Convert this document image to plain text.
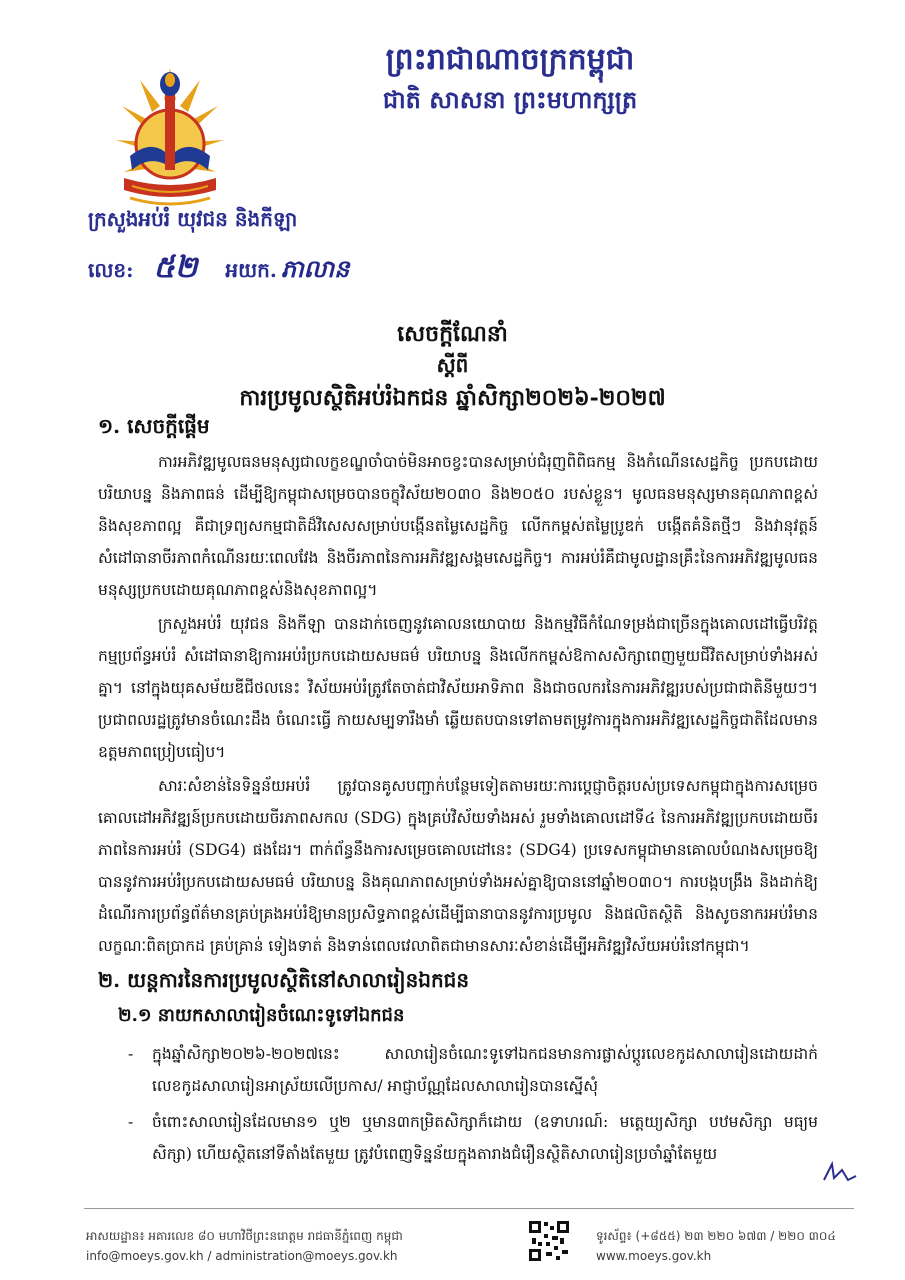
ព្រះរាជាណាចក្រកម្ពុជា
ជាតិ សាសនា ព្រះមហាក្សត្រ
ក្រសួងអប់រំ យុវជន និងកីឡា
លេខ: ៥២ អយក. ភាលាន
សេចក្តីណែនាំ
ស្តីពី
ការប្រមូលស្ថិតិអប់រំឯកជន ឆ្នាំសិក្សា២០២៦-២០២៧
១. សេចក្តីផ្តើម

ការអភិវឌ្ឍមូលធនមនុស្សជាលក្ខខណ្ឌចាំបាច់មិនអាចខ្វះបានសម្រាប់ជំរុញពិពិធកម្ម និងកំណើនសេដ្ឋកិច្ច ប្រកបដោយបរិយាបន្ន និងភាពធន់ ដើម្បីឱ្យកម្ពុជាសម្រេចបានចក្ខុវិស័យ២០៣០ និង២០៥០ របស់ខ្លួន។ មូលធនមនុស្សមានគុណភាពខ្ពស់ និងសុខភាពល្អ គឺជាទ្រព្យសកម្មជាតិដ៏វិសេសសម្រាប់បង្កើនតម្លៃសេដ្ឋកិច្ច លើកកម្ពស់តម្លៃប្រូឌក់ បង្កើតគំនិតថ្មីៗ និងវានុវត្តន៍ សំដៅធានាចីរភាពកំណើនរយៈពេលវែង និងចីរភាពនៃការអភិវឌ្ឍសង្គមសេដ្ឋកិច្ច។ ការអប់រំគឺជាមូលដ្ឋានគ្រឹះនៃការអភិវឌ្ឍមូលធនមនុស្សប្រកបដោយគុណភាពខ្ពស់និងសុខភាពល្អ។

ក្រសួងអប់រំ យុវជន និងកីឡា បានដាក់ចេញនូវគោលនយោបាយ និងកម្មវិធីកំណែទម្រង់ជាច្រើនក្នុងគោលដៅធ្វើបរិវត្តកម្មប្រព័ន្ធអប់រំ សំដៅធានាឱ្យការអប់រំប្រកបដោយសមធម៌ បរិយាបន្ន និងលើកកម្ពស់ឱកាសសិក្សាពេញមួយជីវិតសម្រាប់ទាំងអស់គ្នា។ នៅក្នុងយុគសម័យឌីជីថលនេះ វិស័យអប់រំត្រូវតែចាត់ជាវិស័យអាទិភាព និងជាចលករនៃការអភិវឌ្ឍរបស់ប្រជាជាតិនីមួយៗ។ ប្រជាពលរដ្ឋត្រូវមានចំណេះដឹង ចំណេះធ្វើ កាយសម្បទារឹងមាំ ឆ្លើយតបបានទៅតាមតម្រូវការក្នុងការអភិវឌ្ឍសេដ្ឋកិច្ចជាតិដែលមានឧត្តមភាពប្រៀបធៀប។

សារៈសំខាន់នៃទិន្នន័យអប់រំ ត្រូវបានគូសបញ្ជាក់បន្ថែមទៀតតាមរយៈការប្តេជ្ញាចិត្តរបស់ប្រទេសកម្ពុជាក្នុងការសម្រេចគោលដៅអភិវឌ្ឍន៍ប្រកបដោយចីរភាពសកល (SDG) ក្នុងគ្រប់វិស័យទាំងអស់ រួមទាំងគោលដៅទី៤ នៃការអភិវឌ្ឍប្រកបដោយចីរភាពនៃការអប់រំ (SDG4) ផងដែរ។ ពាក់ព័ន្ធនឹងការសម្រេចគោលដៅនេះ (SDG4) ប្រទេសកម្ពុជាមានគោលបំណងសម្រេចឱ្យបាននូវការអប់រំប្រកបដោយសមធម៌ បរិយាបន្ន និងគុណភាពសម្រាប់ទាំងអស់គ្នាឱ្យបាននៅឆ្នាំ២០៣០។ ការបង្កបង្រឹង និងដាក់ឱ្យដំណើរការប្រព័ន្ធព័ត៌មានគ្រប់គ្រងអប់រំឱ្យមានប្រសិទ្ធភាពខ្ពស់ដើម្បីធានាបាននូវការប្រមូល និងផលិតស្ថិតិ និងសូចនាករអប់រំមានលក្ខណៈពិតប្រាកដ គ្រប់គ្រាន់ ទៀងទាត់ និងទាន់ពេលវេលាពិតជាមានសារៈសំខាន់ដើម្បីអភិវឌ្ឍវិស័យអប់រំនៅកម្ពុជា។

២. យន្តការនៃការប្រមូលស្ថិតិនៅសាលារៀនឯកជន
២.១ នាយកសាលារៀនចំណេះទូទៅឯកជន
- ក្នុងឆ្នាំសិក្សា២០២៦-២០២៧នេះ សាលារៀនចំណេះទូទៅឯកជនមានការផ្លាស់ប្តូរលេខកូដសាលារៀនដោយដាក់លេខកូដសាលារៀនអាស្រ័យលើប្រកាស/ អាជ្ញាប័ណ្ណដែលសាលារៀនបានស្នើសុំ
- ចំពោះសាលារៀនដែលមាន១ ឬ២ ឬមាន៣កម្រិតសិក្សាក៏ដោយ (ឧទាហរណ៍: មត្តេយ្យសិក្សា បឋមសិក្សា មធ្យមសិក្សា) ហើយស្ថិតនៅទីតាំងតែមួយ ត្រូវបំពេញទិន្នន័យក្នុងតារាងជំរឿនស្ថិតិសាលារៀនប្រចាំឆ្នាំតែមួយ
អាសយដ្ឋាន៖ អគារលេខ ៨០ មហាវិថីព្រះនរោត្តម រាជធានីភ្នំពេញ កម្ពុជា
info@moeys.gov.kh / administration@moeys.gov.kh
ទូរស័ព្ទ៖ (+៨៥៥) ២៣ ២២០ ៦៧៣ / ២២០ ៣០៤
www.moeys.gov.kh
